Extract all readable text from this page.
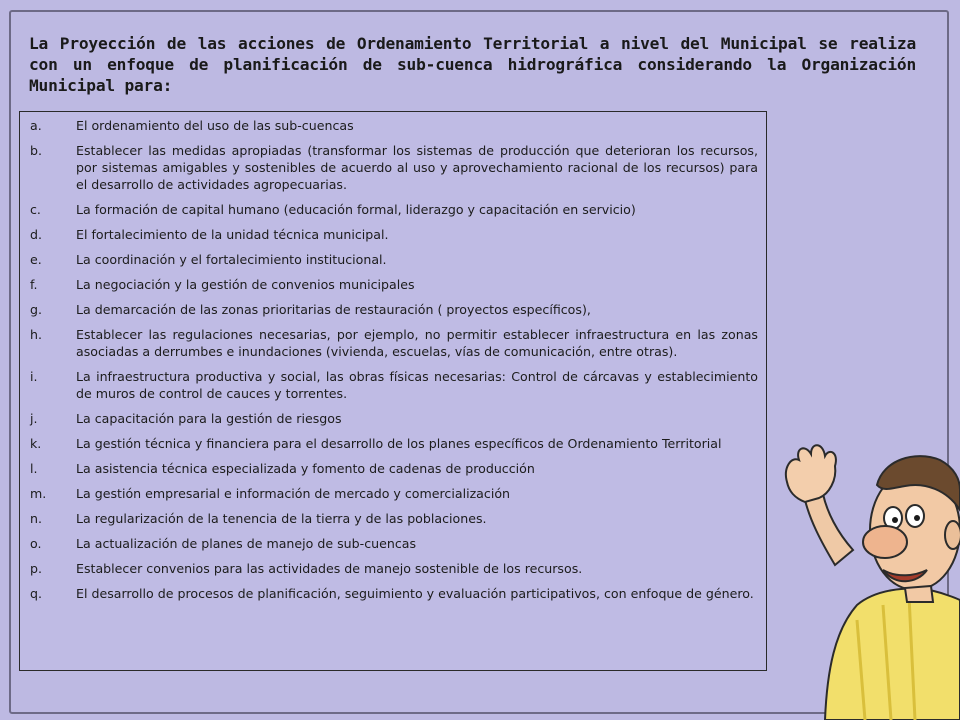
La Proyección de las acciones de Ordenamiento Territorial a nivel del Municipal se realiza con un enfoque de planificación de sub-cuenca hidrográfica considerando la Organización Municipal para:
a.	El ordenamiento del uso de las sub-cuencas
b.	Establecer las medidas apropiadas (transformar los sistemas de producción que deterioran los recursos, por sistemas amigables y sostenibles de acuerdo al uso y aprovechamiento racional de los recursos) para el desarrollo de actividades agropecuarias.
c.	La formación de capital humano (educación formal, liderazgo y capacitación en servicio)
d.	El fortalecimiento de la unidad técnica municipal.
e.	La coordinación y el fortalecimiento institucional.
f.	La negociación y la gestión de convenios municipales
g.	La demarcación de las zonas prioritarias de restauración ( proyectos específicos),
h.	Establecer las regulaciones necesarias, por ejemplo, no permitir establecer infraestructura en las zonas asociadas a derrumbes e inundaciones (vivienda, escuelas, vías de comunicación, entre otras).
i.	La infraestructura productiva y social, las obras físicas necesarias: Control de cárcavas y establecimiento de muros de control de cauces y torrentes.
j.	La capacitación para la gestión de riesgos
k.	La gestión técnica y financiera para el desarrollo de los planes específicos de Ordenamiento Territorial
l.	La asistencia técnica especializada y fomento de cadenas de producción
m.	La gestión empresarial e información de mercado y comercialización
n.	La regularización de la tenencia de la tierra y de las poblaciones.
o.	La actualización de planes de manejo de sub-cuencas
p.	Establecer convenios para las actividades de manejo sostenible de los recursos.
q.	El desarrollo de procesos de planificación, seguimiento y evaluación participativos, con enfoque de género.
